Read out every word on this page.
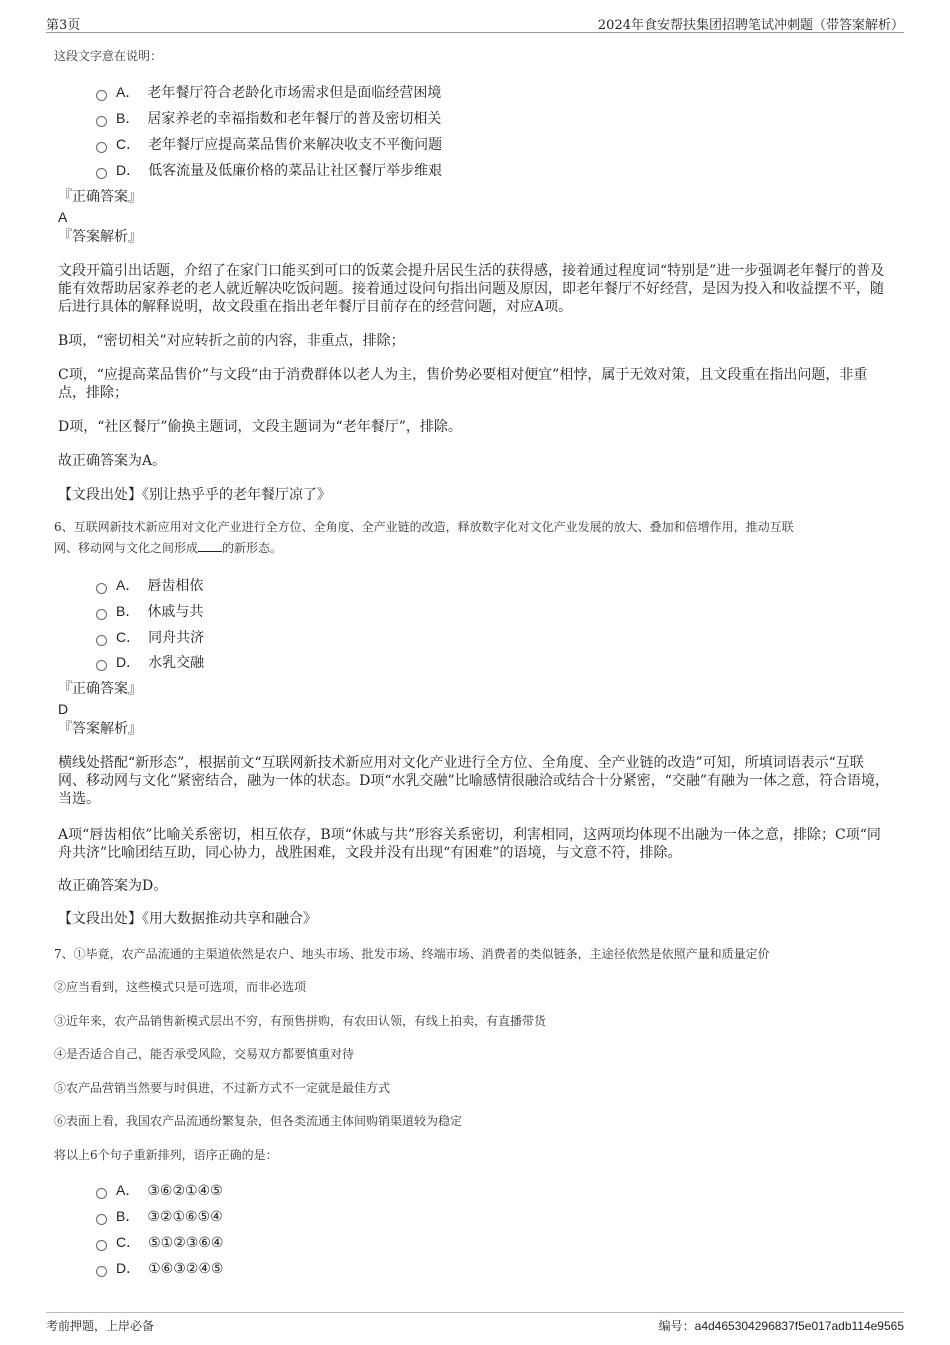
第3页	2024年食安帮扶集团招聘笔试冲刺题（带答案解析）
这段文字意在说明：
A． 老年餐厅符合老龄化市场需求但是面临经营困境
B． 居家养老的幸福指数和老年餐厅的普及密切相关
C． 老年餐厅应提高菜品售价来解决收支不平衡问题
D． 低客流量及低廉价格的菜品让社区餐厅举步维艰
『正确答案』
A
『答案解析』
文段开篇引出话题，介绍了在家门口能买到可口的饭菜会提升居民生活的获得感，接着通过程度词“特别是”进一步强调老年餐厅的普及能有效帮助居家养老的老人就近解决吃饭问题。接着通过设问句指出问题及原因，即老年餐厅不好经营，是因为投入和收益摆不平，随后进行具体的解释说明，故文段重在指出老年餐厅目前存在的经营问题，对应A项。
B项，“密切相关”对应转折之前的内容，非重点，排除；
C项，“应提高菜品售价”与文段“由于消费群体以老人为主，售价势必要相对便宜”相悖，属于无效对策，且文段重在指出问题，非重点，排除；
D项，“社区餐厅”偷换主题词，文段主题词为“老年餐厅”，排除。
故正确答案为A。
【文段出处】《别让热乎乎的老年餐厅凉了》
6、互联网新技术新应用对文化产业进行全方位、全角度、全产业链的改造，释放数字化对文化产业发展的放大、叠加和倍增作用，推动互联
网、移动网与文化之间形成 的新形态。
A． 唇齿相依
B． 休戚与共
C． 同舟共济
D． 水乳交融
『正确答案』
D
『答案解析』
横线处搭配“新形态”，根据前文“互联网新技术新应用对文化产业进行全方位、全角度、全产业链的改造”可知，所填词语表示“互联网、移动网与文化”紧密结合，融为一体的状态。D项“水乳交融”比喻感情很融洽或结合十分紧密，“交融”有融为一体之意，符合语境，当选。
A项“唇齿相依”比喻关系密切，相互依存，B项“休戚与共”形容关系密切，利害相同，这两项均体现不出融为一体之意，排除；C项“同舟共济”比喻团结互助，同心协力，战胜困难，文段并没有出现“有困难”的语境，与文意不符，排除。
故正确答案为D。
【文段出处】《用大数据推动共享和融合》
7、①毕竟，农产品流通的主渠道依然是农户、地头市场、批发市场、终端市场、消费者的类似链条，主途径依然是依照产量和质量定价
②应当看到，这些模式只是可选项，而非必选项
③近年来，农产品销售新模式层出不穷，有预售拼购，有农田认领，有线上拍卖，有直播带货
④是否适合自己，能否承受风险，交易双方都要慎重对待
⑤农产品营销当然要与时俱进，不过新方式不一定就是最佳方式
⑥表面上看，我国农产品流通纷繁复杂，但各类流通主体间购销渠道较为稳定
将以上6个句子重新排列，语序正确的是：
A． ③⑥②①④⑤
B． ③②①⑥⑤④
C． ⑤①②③⑥④
D． ①⑥③②④⑤
考前押题，上岸必备	编号：a4d465304296837f5e017adb114e9565
